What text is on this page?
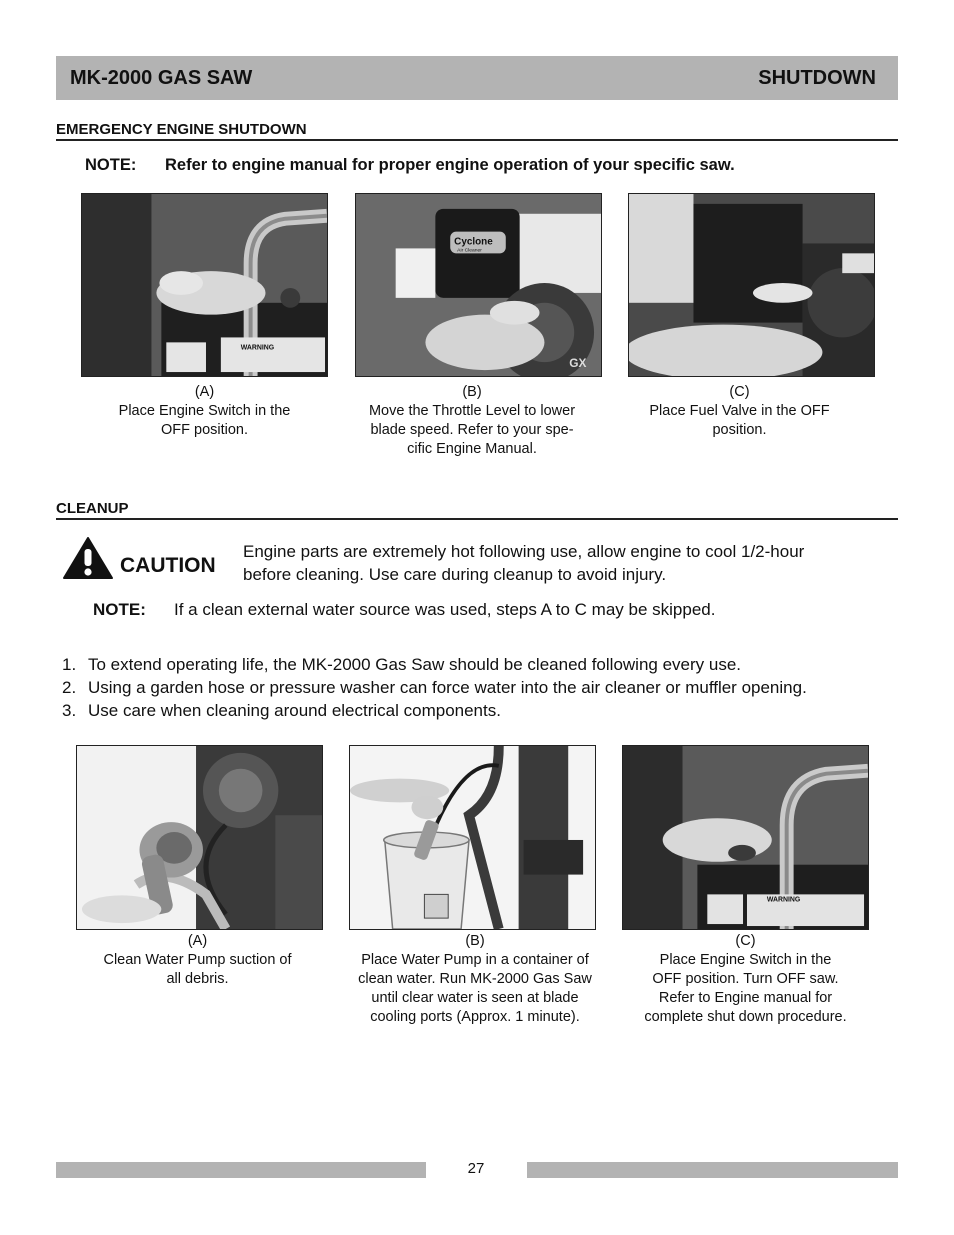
MK-2000 GAS SAW	SHUTDOWN
EMERGENCY ENGINE SHUTDOWN
NOTE: Refer to engine manual for proper engine operation of your specific saw.
WARNING
(A)
Place Engine Switch in the
OFF position.
Cyclone
Air Cleaner
GX
(B)
Move the Throttle Level to lower
blade speed. Refer to your spe-
cific Engine Manual.
(C)
Place Fuel Valve in the OFF
position.
CLEANUP
CAUTION
Engine parts are extremely hot following use, allow engine to cool 1/2-hour
before cleaning. Use care during cleanup to avoid injury.
NOTE: If a clean external water source was used, steps A to C may be skipped.
1. To extend operating life, the MK-2000 Gas Saw should be cleaned following every use.
2. Using a garden hose or pressure washer can force water into the air cleaner or muffler opening.
3. Use care when cleaning around electrical components.
(A)
Clean Water Pump suction of
all debris.
(B)
Place Water Pump in a container of
clean water. Run MK-2000 Gas Saw
until clear water is seen at blade
cooling ports (Approx. 1 minute).
WARNING
(C)
Place Engine Switch in the
OFF position. Turn OFF saw.
Refer to Engine manual for
complete shut down procedure.
27
